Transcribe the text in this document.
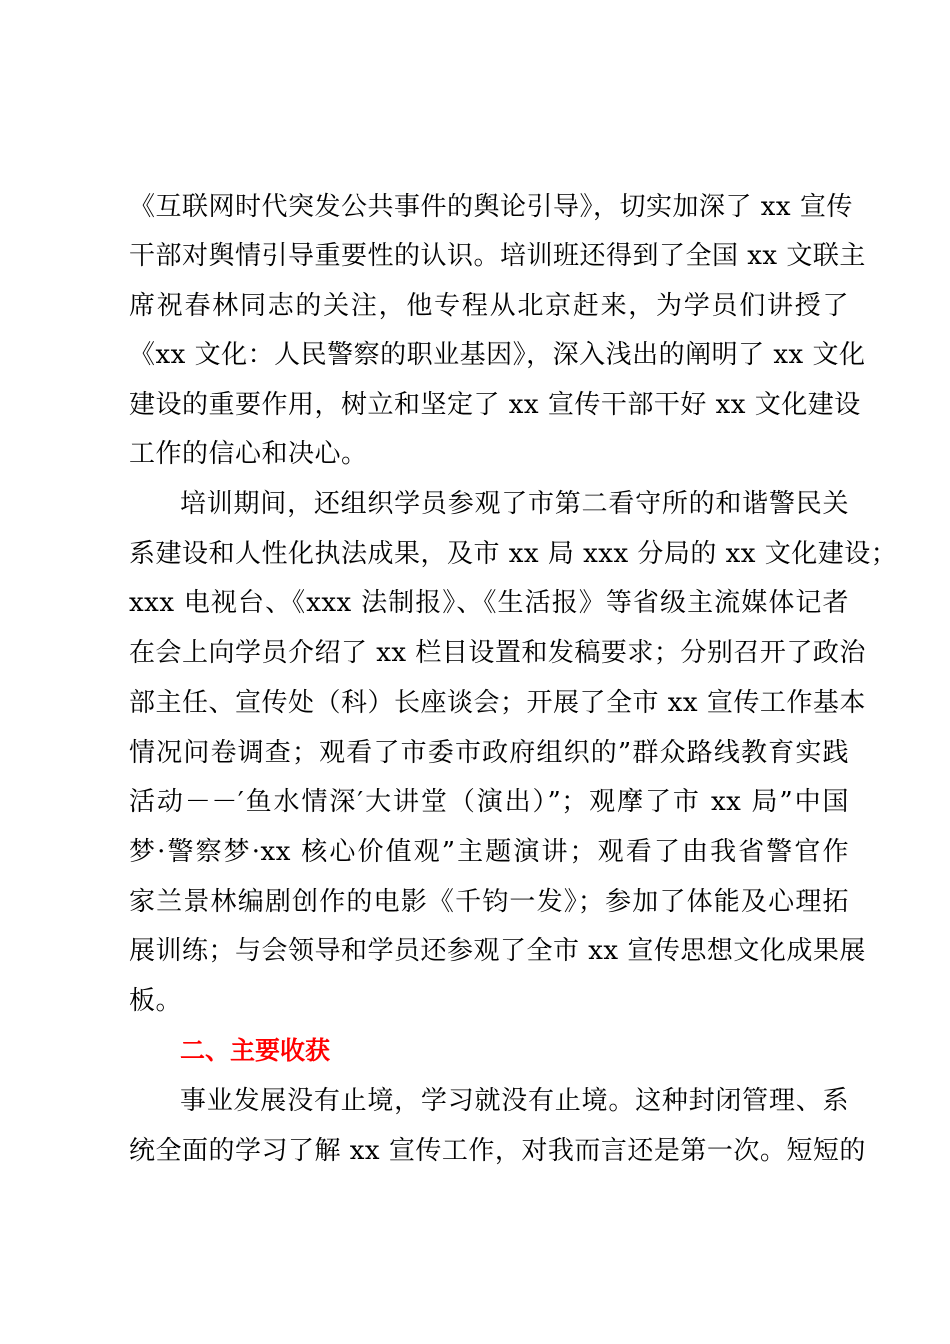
《互联网时代突发公共事件的舆论引导》，切实加深了 xx 宣传
干部对舆情引导重要性的认识。培训班还得到了全国 xx 文联主
席祝春林同志的关注，他专程从北京赶来，为学员们讲授了
《xx 文化：人民警察的职业基因》，深入浅出的阐明了 xx 文化
建设的重要作用，树立和坚定了 xx 宣传干部干好 xx 文化建设
工作的信心和决心。
培训期间，还组织学员参观了市第二看守所的和谐警民关
系建设和人性化执法成果，及市 xx 局 xxx 分局的 xx 文化建设；
xxx 电视台、《xxx 法制报》、《生活报》等省级主流媒体记者
在会上向学员介绍了 xx 栏目设置和发稿要求；分别召开了政治
部主任、宣传处（科）长座谈会；开展了全市 xx 宣传工作基本
情况问卷调查；观看了市委市政府组织的”群众路线教育实践
活动－－′鱼水情深′大讲堂（演出）”；观摩了市 xx 局”中国
梦·警察梦·xx 核心价值观”主题演讲；观看了由我省警官作
家兰景林编剧创作的电影《千钧一发》；参加了体能及心理拓
展训练；与会领导和学员还参观了全市 xx 宣传思想文化成果展
板。
二、主要收获
事业发展没有止境，学习就没有止境。这种封闭管理、系
统全面的学习了解 xx 宣传工作，对我而言还是第一次。短短的
